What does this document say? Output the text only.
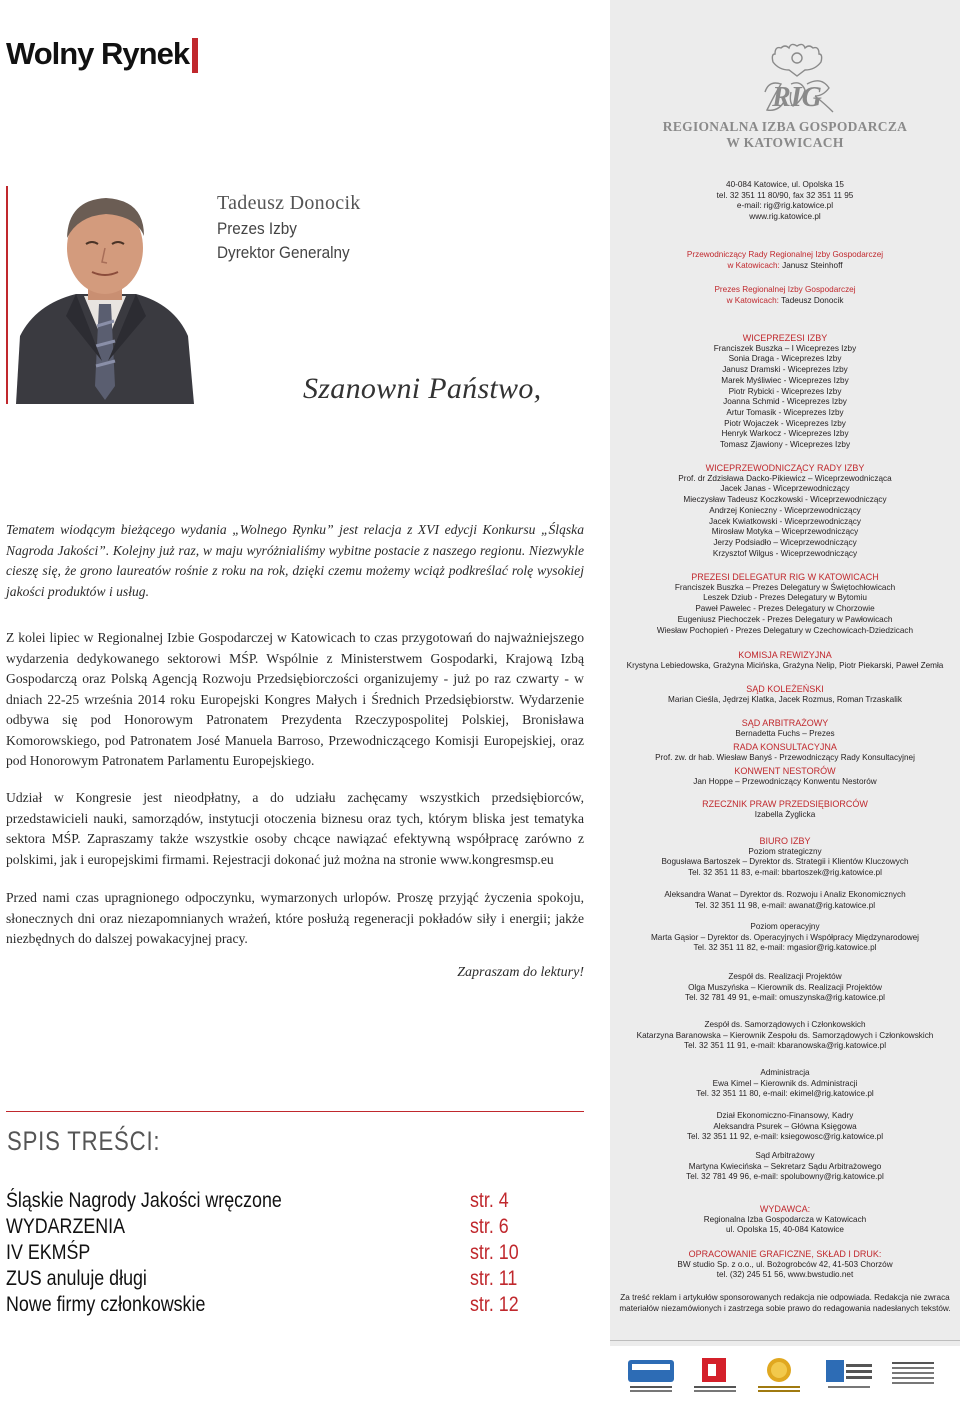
Wolny Rynek
Tadeusz Donocik
Prezes Izby
Dyrektor Generalny
Szanowni Państwo,

Tematem wiodącym bieżącego wydania „Wolnego Rynku” jest relacja z XVI edycji Konkursu „Śląska Nagroda Jakości”. Kolejny już raz, w maju wyróżnialiśmy wybitne postacie z naszego regionu. Niezwykle cieszę się, że grono laureatów rośnie z roku na rok, dzięki czemu możemy wciąż podkreślać rolę wysokiej jakości produktów i usług.

Z kolei lipiec w Regionalnej Izbie Gospodarczej w Katowicach to czas przygotowań do najważniejszego wydarzenia dedykowanego sektorowi MŚP. Wspólnie z Ministerstwem Gospodarki, Krajową Izbą Gospodarczą oraz Polską Agencją Rozwoju Przedsiębiorczości organizujemy - już po raz czwarty - w dniach 22-25 września 2014 roku Europejski Kongres Małych i Średnich Przedsiębiorstw. Wydarzenie odbywa się pod Honorowym Patronatem Prezydenta Rzeczypospolitej Polskiej, Bronisława Komorowskiego, pod Patronatem José Manuela Barroso, Przewodniczącego Komisji Europejskiej, oraz pod Honorowym Patronatem Parlamentu Europejskiego.

Udział w Kongresie jest nieodpłatny, a do udziału zachęcamy wszystkich przedsiębiorców, przedstawicieli nauki, samorządów, instytucji otoczenia biznesu oraz tych, którym bliska jest tematyka sektora MŚP. Zapraszamy także wszystkie osoby chcące nawiązać efektywną współpracę zarówno z polskimi, jak i europejskimi firmami. Rejestracji dokonać już można na stronie www.kongresmsp.eu

Przed nami czas upragnionego odpoczynku, wymarzonych urlopów. Proszę przyjąć życzenia spokoju, słonecznych dni oraz niezapomnianych wrażeń, które posłużą regeneracji pokładów siły i energii; jakże niezbędnych do dalszej powakacyjnej pracy.

Zapraszam do lektury!
SPIS TREŚCI:
Śląskie Nagrody Jakości wręczone	str. 4
WYDARZENIA	str. 6
IV EKMŚP	str. 10
ZUS anuluje długi	str. 11
Nowe firmy członkowskie	str. 12
RIG
REGIONALNA IZBA GOSPODARCZA
W KATOWICACH
40-084 Katowice, ul. Opolska 15
tel. 32 351 11 80/90, fax 32 351 11 95
e-mail: rig@rig.katowice.pl
www.rig.katowice.pl
Przewodniczący Rady Regionalnej Izby Gospodarczej
w Katowicach: Janusz Steinhoff
Prezes Regionalnej Izby Gospodarczej
w Katowicach: Tadeusz Donocik
WICEPREZESI IZBY
Franciszek Buszka – I Wiceprezes Izby
Sonia Draga - Wiceprezes Izby
Janusz Dramski - Wiceprezes Izby
Marek Myśliwiec - Wiceprezes Izby
Piotr Rybicki - Wiceprezes Izby
Joanna Schmid - Wiceprezes Izby
Artur Tomasik - Wiceprezes Izby
Piotr Wojaczek - Wiceprezes Izby
Henryk Warkocz - Wiceprezes Izby
Tomasz Zjawiony - Wiceprezes Izby
WICEPRZEWODNICZĄCY RADY IZBY
Prof. dr Zdzisława Dacko-Pikiewicz – Wiceprzewodnicząca
Jacek Janas - Wiceprzewodniczący
Mieczysław Tadeusz Koczkowski - Wiceprzewodniczący
Andrzej Konieczny - Wiceprzewodniczący
Jacek Kwiatkowski - Wiceprzewodniczący
Mirosław Motyka – Wiceprzewodniczący
Jerzy Podsiadło – Wiceprzewodniczący
Krzysztof Wilgus - Wiceprzewodniczący
PREZESI DELEGATUR RIG W KATOWICACH
Franciszek Buszka – Prezes Delegatury w Świętochłowicach
Leszek Dziub - Prezes Delegatury w Bytomiu
Paweł Pawelec - Prezes Delegatury w Chorzowie
Eugeniusz Piechoczek - Prezes Delegatury w Pawłowicach
Wiesław Pochopień - Prezes Delegatury w Czechowicach-Dziedzicach
KOMISJA REWIZYJNA
Krystyna Lebiedowska, Grażyna Micińska, Grażyna Nelip, Piotr Piekarski, Paweł Zemła
SĄD KOLEŻEŃSKI
Marian Cieśla, Jędrzej Klatka, Jacek Rozmus, Roman Trzaskalik
SĄD ARBITRAŻOWY
Bernadetta Fuchs – Prezes
RADA KONSULTACYJNA
Prof. zw. dr hab. Wiesław Banyś - Przewodniczący Rady Konsultacyjnej
KONWENT NESTORÓW
Jan Hoppe – Przewodniczący Konwentu Nestorów
RZECZNIK PRAW PRZEDSIĘBIORCÓW
Izabella Żyglicka
BIURO IZBY
Poziom strategiczny
Bogusława Bartoszek – Dyrektor ds. Strategii i Klientów Kluczowych
Tel. 32 351 11 83, e-mail: bbartoszek@rig.katowice.pl
Aleksandra Wanat – Dyrektor ds. Rozwoju i Analiz Ekonomicznych
Tel. 32 351 11 98, e-mail: awanat@rig.katowice.pl
Poziom operacyjny
Marta Gąsior – Dyrektor ds. Operacyjnych i Współpracy Międzynarodowej
Tel. 32 351 11 82, e-mail: mgasior@rig.katowice.pl
Zespół ds. Realizacji Projektów
Olga Muszyńska – Kierownik ds. Realizacji Projektów
Tel. 32 781 49 91, e-mail: omuszynska@rig.katowice.pl
Zespół ds. Samorządowych i Członkowskich
Katarzyna Baranowska – Kierownik Zespołu ds. Samorządowych i Członkowskich
Tel. 32 351 11 91, e-mail: kbaranowska@rig.katowice.pl
Administracja
Ewa Kimel – Kierownik ds. Administracji
Tel. 32 351 11 80, e-mail: ekimel@rig.katowice.pl
Dział Ekonomiczno-Finansowy, Kadry
Aleksandra Psurek – Główna Księgowa
Tel. 32 351 11 92, e-mail: ksiegowosc@rig.katowice.pl
Sąd Arbitrażowy
Martyna Kwiecińska – Sekretarz Sądu Arbitrażowego
Tel. 32 781 49 96, e-mail: spolubowny@rig.katowice.pl
WYDAWCA:
Regionalna Izba Gospodarcza w Katowicach
ul. Opolska 15, 40-084 Katowice
OPRACOWANIE GRAFICZNE, SKŁAD I DRUK:
BW studio Sp. z o.o., ul. Bożogrobców 42, 41-503 Chorzów
tel. (32) 245 51 56, www.bwstudio.net
Za treść reklam i artykułów sponsorowanych redakcja nie odpowiada. Redakcja nie zwraca
materiałów niezamówionych i zastrzega sobie prawo do redagowania nadesłanych tekstów.
